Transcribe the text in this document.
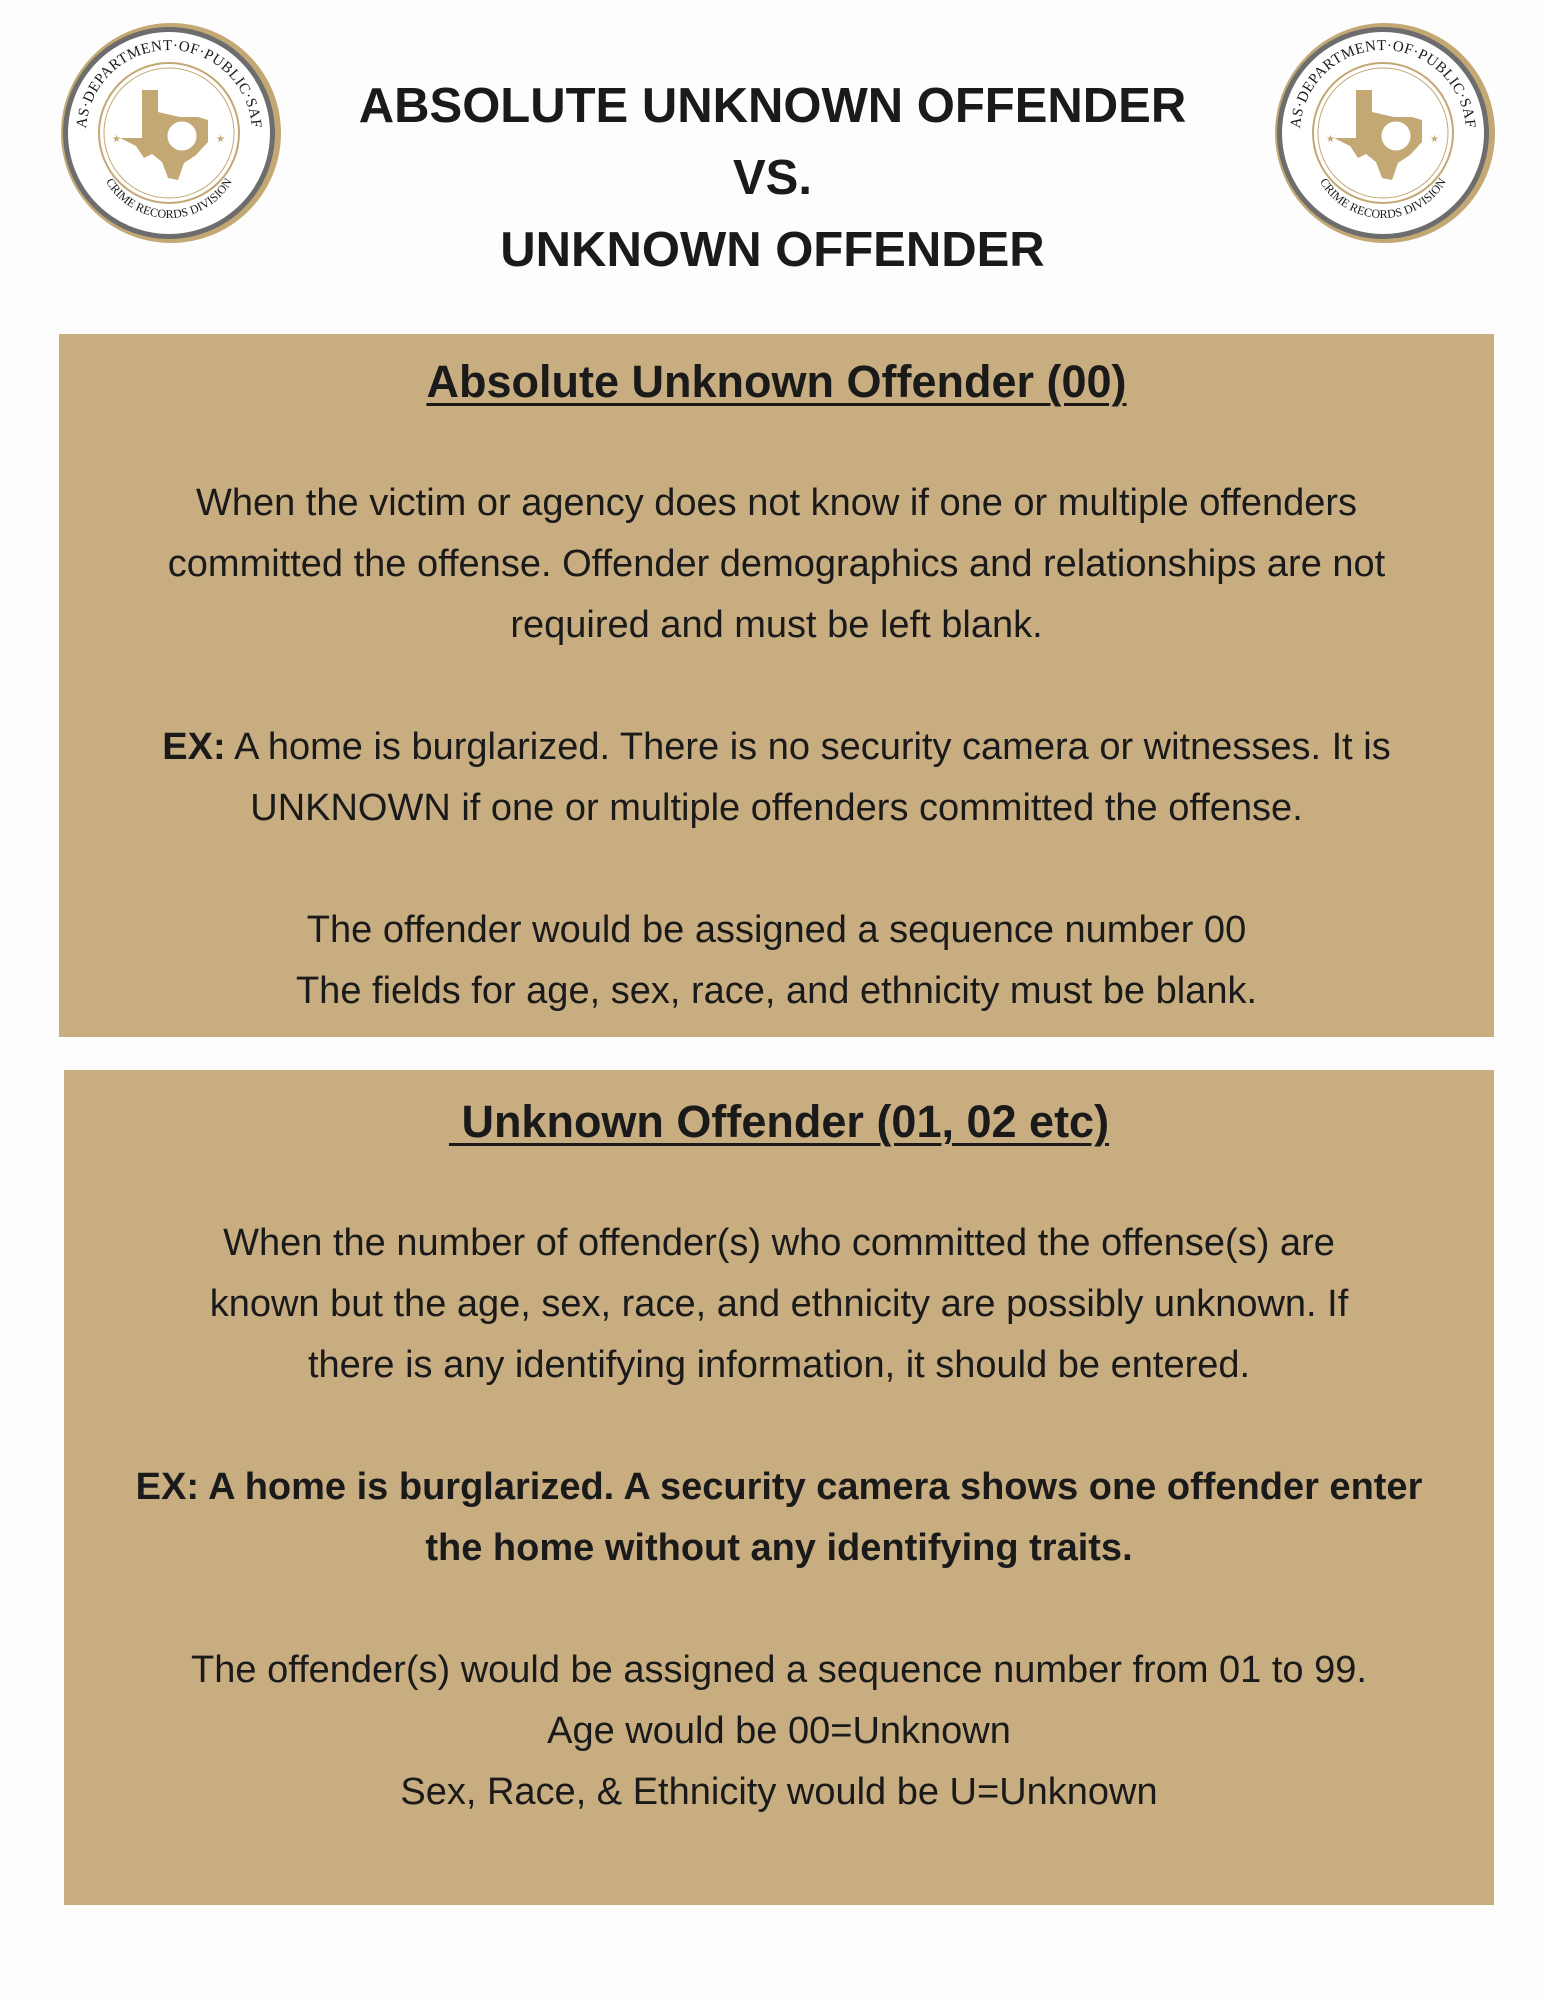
ABSOLUTE UNKNOWN OFFENDER
VS.
UNKNOWN OFFENDER
Absolute Unknown Offender (00)
When the victim or agency does not know if one or multiple offenders
committed the offense. Offender demographics and relationships are not
required and must be left blank.
EX: A home is burglarized. There is no security camera or witnesses. It is
UNKNOWN if one or multiple offenders committed the offense.
The offender would be assigned a sequence number 00
The fields for age, sex, race, and ethnicity must be blank.
Unknown Offender (01, 02 etc)
When the number of offender(s) who committed the offense(s) are
known but the age, sex, race, and ethnicity are possibly unknown. If
there is any identifying information, it should be entered.
EX: A home is burglarized. A security camera shows one offender enter
the home without any identifying traits.
The offender(s) would be assigned a sequence number from 01 to 99.
Age would be 00=Unknown
Sex, Race, & Ethnicity would be U=Unknown
